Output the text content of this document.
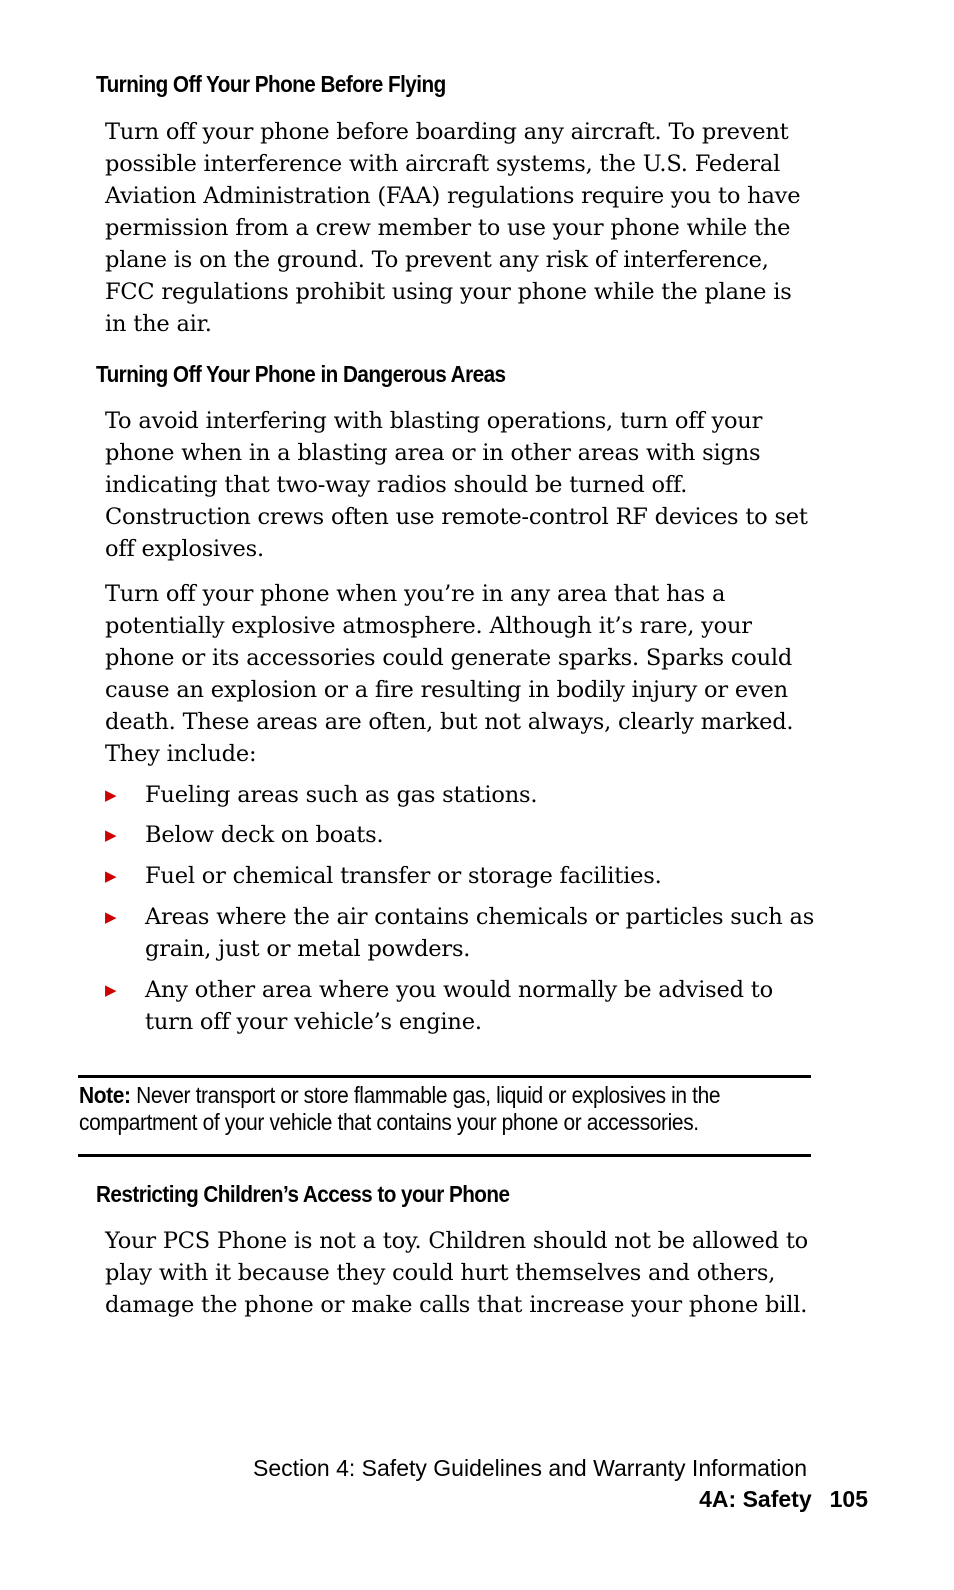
Turning Off Your Phone Before Flying

Turn off your phone before boarding any aircraft. To prevent possible interference with aircraft systems, the U.S. Federal Aviation Administration (FAA) regulations require you to have permission from a crew member to use your phone while the plane is on the ground. To prevent any risk of interference, FCC regulations prohibit using your phone while the plane is in the air.

Turning Off Your Phone in Dangerous Areas

To avoid interfering with blasting operations, turn off your phone when in a blasting area or in other areas with signs indicating that two-way radios should be turned off. Construction crews often use remote-control RF devices to set off explosives.

Turn off your phone when you’re in any area that has a potentially explosive atmosphere. Although it’s rare, your phone or its accessories could generate sparks. Sparks could cause an explosion or a fire resulting in bodily injury or even death. These areas are often, but not always, clearly marked. They include:

▶ Fueling areas such as gas stations.
▶ Below deck on boats.
▶ Fuel or chemical transfer or storage facilities.
▶ Areas where the air contains chemicals or particles such as grain, just or metal powders.
▶ Any other area where you would normally be advised to turn off your vehicle’s engine.

Note: Never transport or store flammable gas, liquid or explosives in the compartment of your vehicle that contains your phone or accessories.

Restricting Children’s Access to your Phone

Your PCS Phone is not a toy. Children should not be allowed to play with it because they could hurt themselves and others, damage the phone or make calls that increase your phone bill.

Section 4: Safety Guidelines and Warranty Information
4A: Safety 105
